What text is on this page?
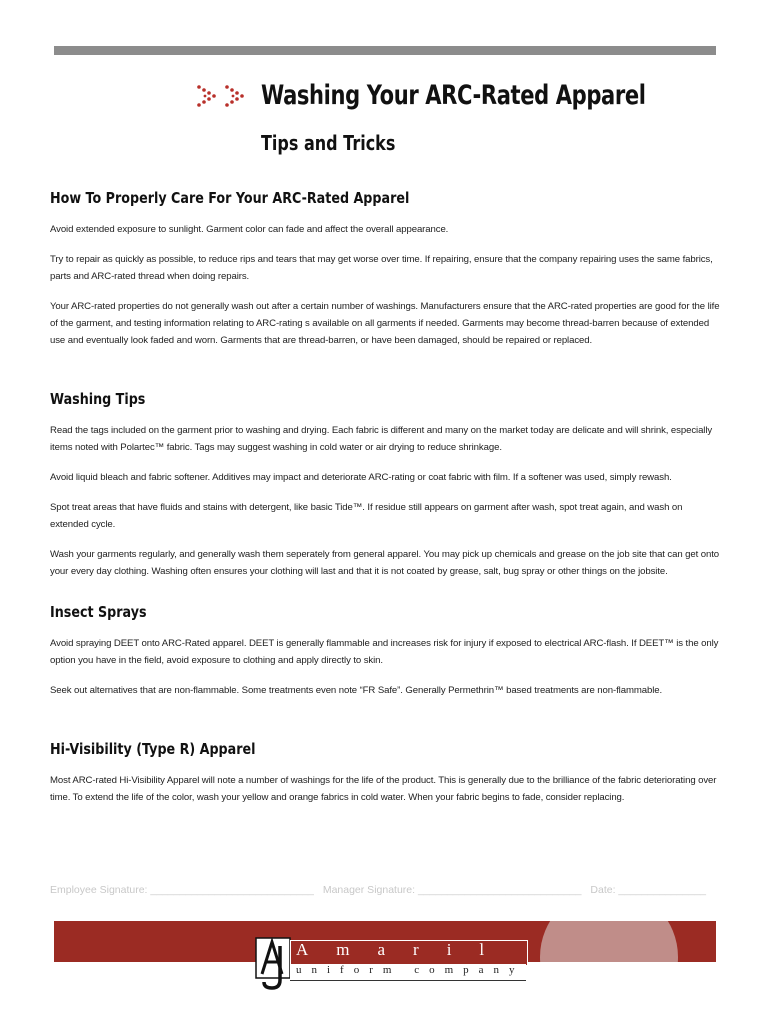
Washing Your ARC-Rated Apparel
Tips and Tricks
How To Properly Care For Your ARC-Rated Apparel

Avoid extended exposure to sunlight. Garment color can fade and affect the overall appearance.

Try to repair as quickly as possible, to reduce rips and tears that may get worse over time. If repairing, ensure that the company repairing uses the same fabrics, parts and ARC-rated thread when doing repairs.

Your ARC-rated properties do not generally wash out after a certain number of washings. Manufacturers ensure that the ARC-rated properties are good for the life of the garment, and testing information relating to ARC-rating s available on all garments if needed. Garments may become thread-barren because of extended use and eventually look faded and worn. Garments that are thread-barren, or have been damaged, should be repaired or replaced.

Washing Tips

Read the tags included on the garment prior to washing and drying. Each fabric is different and many on the market today are delicate and will shrink, especially items noted with Polartec™ fabric. Tags may suggest washing in cold water or air drying to reduce shrinkage.

Avoid liquid bleach and fabric softener. Additives may impact and deteriorate ARC-rating or coat fabric with film. If a softener was used, simply rewash.

Spot treat areas that have fluids and stains with detergent, like basic Tide™. If residue still appears on garment after wash, spot treat again, and wash on extended cycle.

Wash your garments regularly, and generally wash them seperately from general apparel. You may pick up chemicals and grease on the job site that can get onto your every day clothing. Washing often ensures your clothing will last and that it is not coated by grease, salt, bug spray or other things on the jobsite.

Insect Sprays

Avoid spraying DEET onto ARC-Rated apparel. DEET is generally flammable and increases risk for injury if exposed to electrical ARC-flash. If DEET™ is the only option you have in the field, avoid exposure to clothing and apply directly to skin.

Seek out alternatives that are non-flammable. Some treatments even note “FR Safe”. Generally Permethrin™ based treatments are non-flammable.

Hi-Visibility (Type R) Apparel

Most ARC-rated Hi-Visibility Apparel will note a number of washings for the life of the product. This is generally due to the brilliance of the fabric deteriorating over time. To extend the life of the color, wash your yellow and orange fabrics in cold water. When your fabric begins to fade, consider replacing.

Employee Signature: ____________________________ Manager Signature: ____________________________ Date: _______________
Amaril
uniform company
